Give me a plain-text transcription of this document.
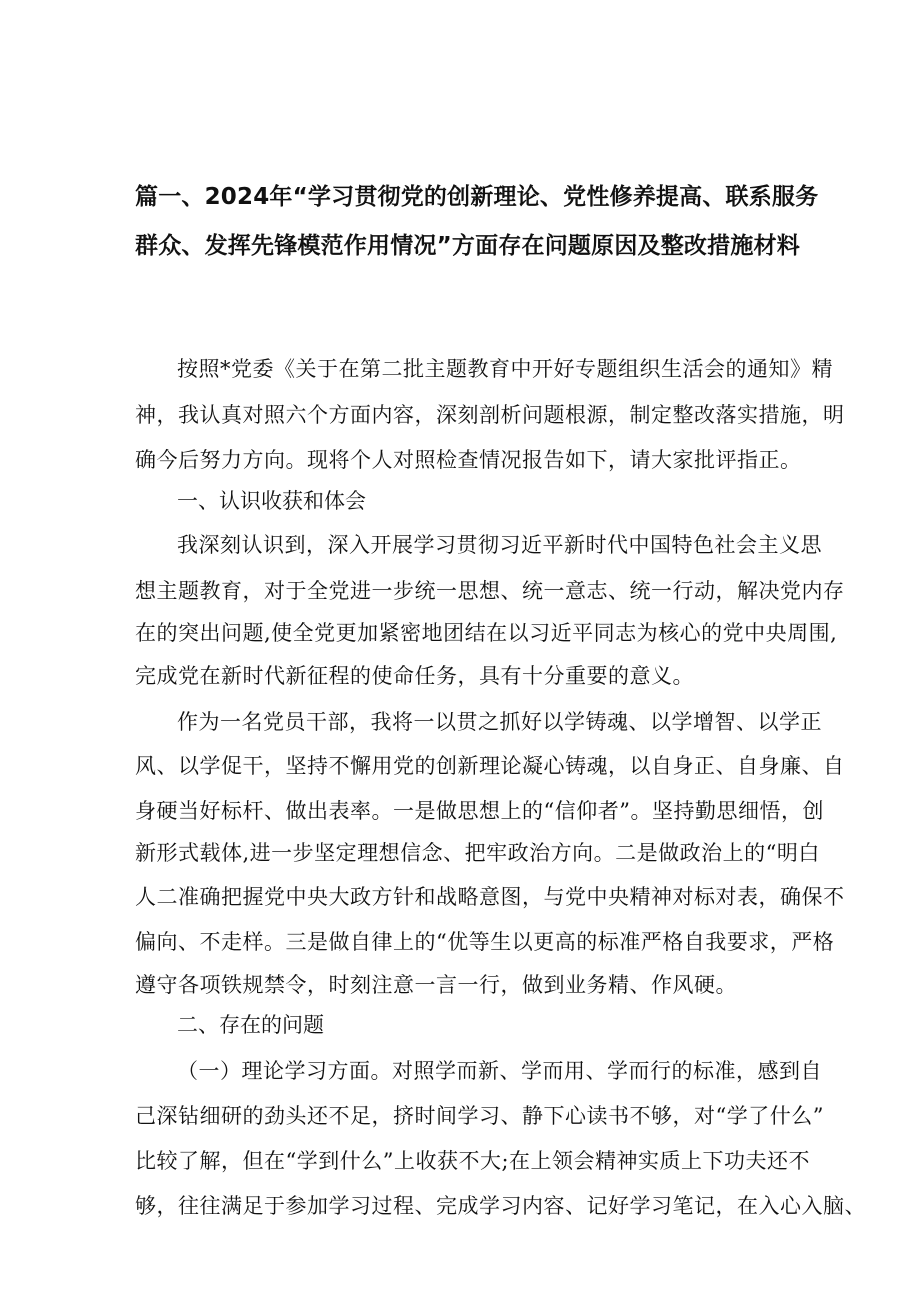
篇一、2024年“学习贯彻党的创新理论、党性修养提高、联系服务
群众、发挥先锋模范作用情况”方面存在问题原因及整改措施材料
按照*党委《关于在第二批主题教育中开好专题组织生活会的通知》精
神，我认真对照六个方面内容，深刻剖析问题根源，制定整改落实措施，明
确今后努力方向。现将个人对照检查情况报告如下，请大家批评指正。
一、认识收获和体会
我深刻认识到，深入开展学习贯彻习近平新时代中国特色社会主义思
想主题教育，对于全党进一步统一思想、统一意志、统一行动，解决党内存
在的突出问题,使全党更加紧密地团结在以习近平同志为核心的党中央周围,
完成党在新时代新征程的使命任务，具有十分重要的意义。
作为一名党员干部，我将一以贯之抓好以学铸魂、以学增智、以学正
风、以学促干，坚持不懈用党的创新理论凝心铸魂，以自身正、自身廉、自
身硬当好标杆、做出表率。一是做思想上的“信仰者”。坚持勤思细悟，创
新形式载体,进一步坚定理想信念、把牢政治方向。二是做政治上的“明白
人二准确把握党中央大政方针和战略意图，与党中央精神对标对表，确保不
偏向、不走样。三是做自律上的“优等生以更高的标准严格自我要求，严格
遵守各项铁规禁令，时刻注意一言一行，做到业务精、作风硬。
二、存在的问题
（一）理论学习方面。对照学而新、学而用、学而行的标准，感到自
己深钻细研的劲头还不足，挤时间学习、静下心读书不够，对“学了什么”
比较了解，但在“学到什么”上收获不大;在上领会精神实质上下功夫还不
够，往往满足于参加学习过程、完成学习内容、记好学习笔记，在入心入脑、
